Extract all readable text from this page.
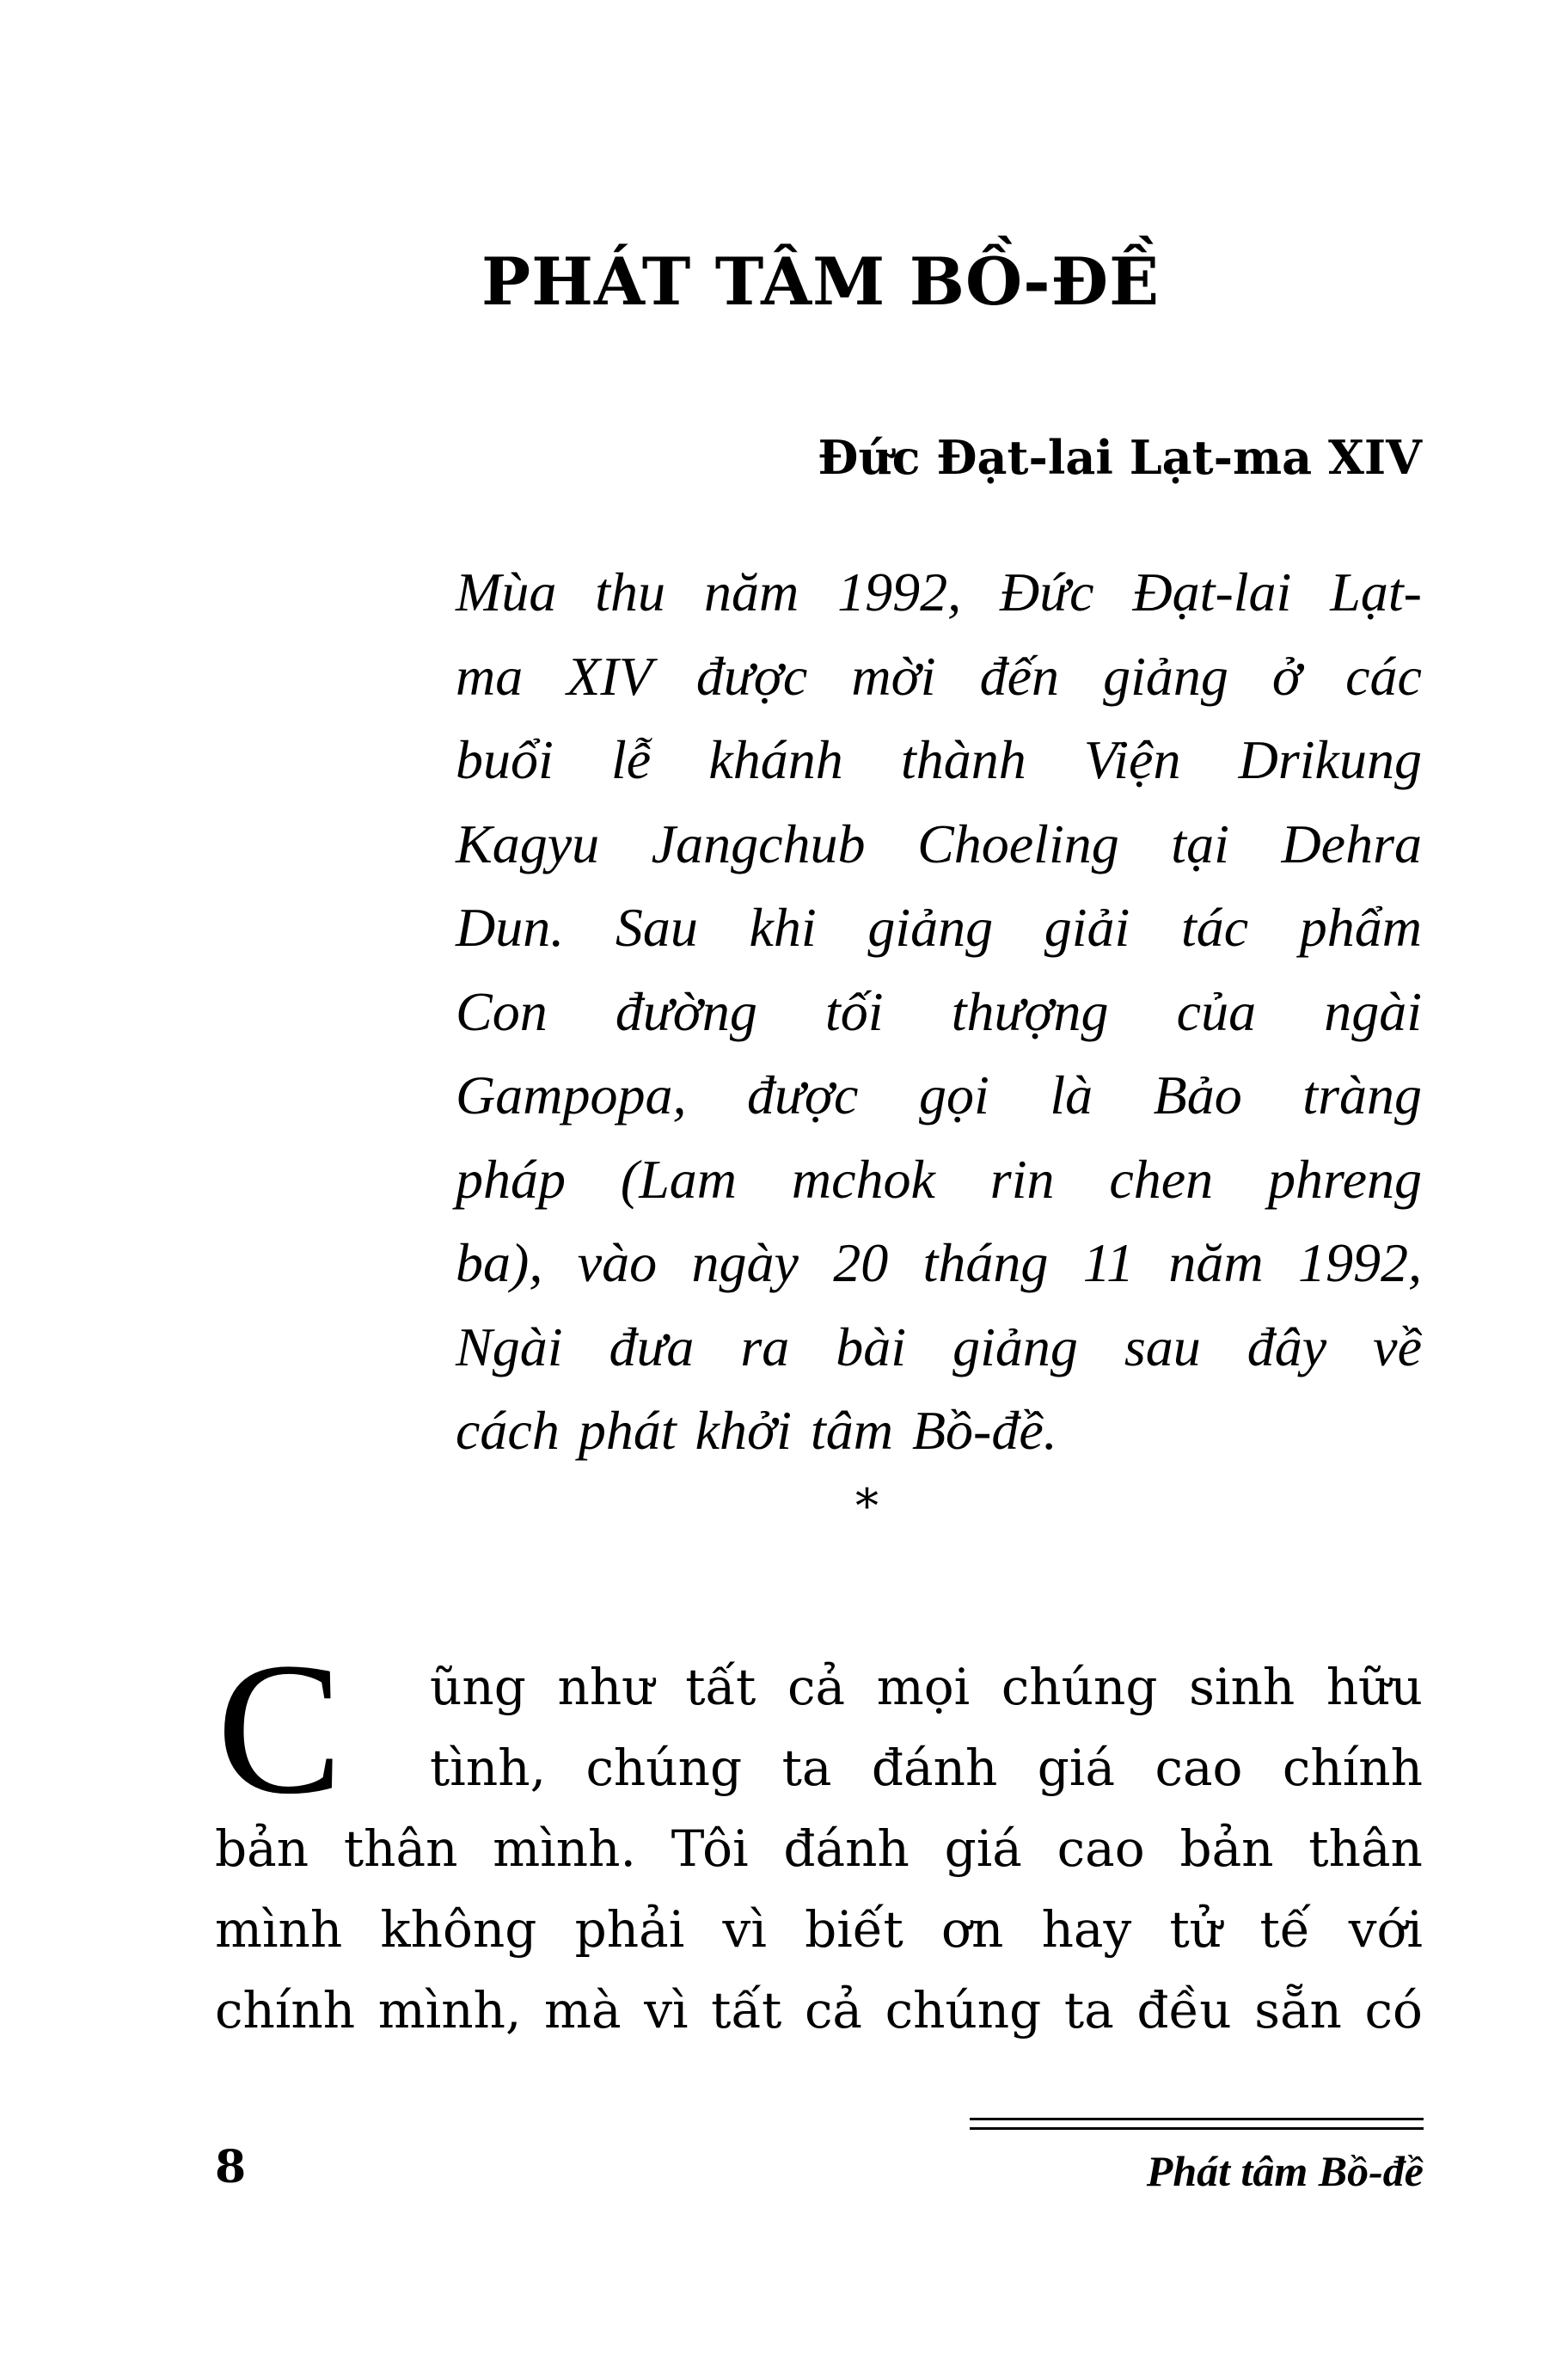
PHÁT TÂM BỒ-ĐỀ
Đức Đạt-lai Lạt-ma XIV
Mùa thu năm 1992, Đức Đạt-lai Lạt-
ma XIV được mời đến giảng ở các
buổi lễ khánh thành Viện Drikung
Kagyu Jangchub Choeling tại Dehra
Dun. Sau khi giảng giải tác phẩm
Con đường tối thượng của ngài
Gampopa, được gọi là Bảo tràng
pháp (Lam mchok rin chen phreng
ba), vào ngày 20 tháng 11 năm 1992,
Ngài đưa ra bài giảng sau đây về
cách phát khởi tâm Bồ-đề.
*
C ũng như tất cả mọi chúng sinh hữu
tình, chúng ta đánh giá cao chính
bản thân mình. Tôi đánh giá cao bản thân
mình không phải vì biết ơn hay tử tế với
chính mình, mà vì tất cả chúng ta đều sẵn có
8	Phát tâm Bồ-đề
